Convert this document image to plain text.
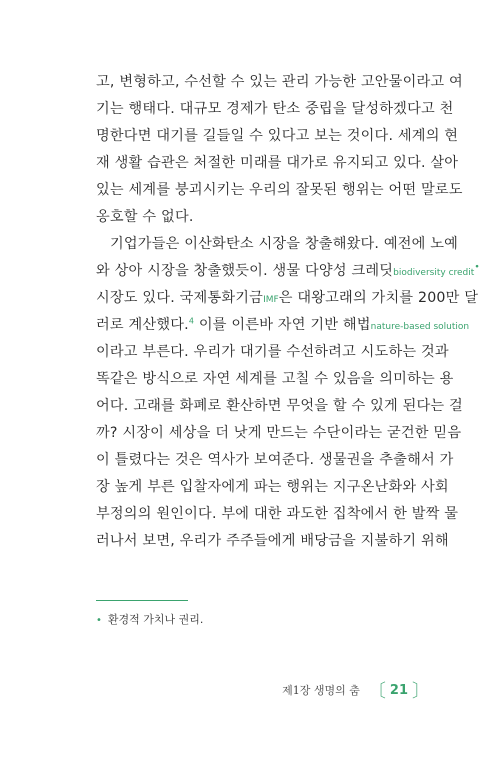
고, 변형하고, 수선할 수 있는 관리 가능한 고안물이라고 여
기는 행태다. 대규모 경제가 탄소 중립을 달성하겠다고 천
명한다면 대기를 길들일 수 있다고 보는 것이다. 세계의 현
재 생활 습관은 처절한 미래를 대가로 유지되고 있다. 살아
있는 세계를 붕괴시키는 우리의 잘못된 행위는 어떤 말로도
옹호할 수 없다.
기업가들은 이산화탄소 시장을 창출해왔다. 예전에 노예
와 상아 시장을 창출했듯이. 생물 다양성 크레딧biodiversity credit•
시장도 있다. 국제통화기금IMF은 대왕고래의 가치를 200만 달
러로 계산했다.$^4$ 이를 이른바 자연 기반 해법nature-based solution
이라고 부른다. 우리가 대기를 수선하려고 시도하는 것과
똑같은 방식으로 자연 세계를 고칠 수 있음을 의미하는 용
어다. 고래를 화폐로 환산하면 무엇을 할 수 있게 된다는 걸
까? 시장이 세상을 더 낫게 만드는 수단이라는 굳건한 믿음
이 틀렸다는 것은 역사가 보여준다. 생물권을 추출해서 가
장 높게 부른 입찰자에게 파는 행위는 지구온난화와 사회
부정의의 원인이다. 부에 대한 과도한 집착에서 한 발짝 물
러나서 보면, 우리가 주주들에게 배당금을 지불하기 위해
• 환경적 가치나 권리.
제1장 생명의 춤 〔 21 〕
